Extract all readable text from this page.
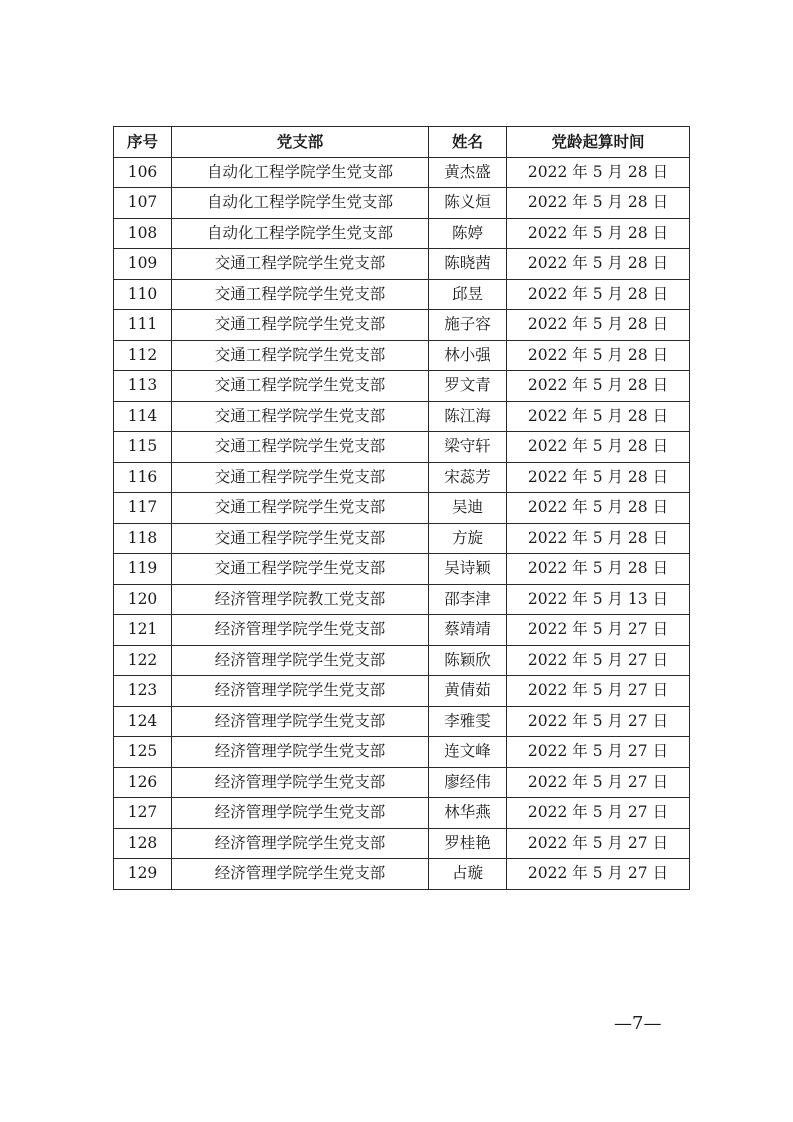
序号	党支部	姓名	党龄起算时间
106	自动化工程学院学生党支部	黄杰盛	2022 年 5 月 28 日
107	自动化工程学院学生党支部	陈义烜	2022 年 5 月 28 日
108	自动化工程学院学生党支部	陈婷	2022 年 5 月 28 日
109	交通工程学院学生党支部	陈晓茜	2022 年 5 月 28 日
110	交通工程学院学生党支部	邱昱	2022 年 5 月 28 日
111	交通工程学院学生党支部	施子容	2022 年 5 月 28 日
112	交通工程学院学生党支部	林小强	2022 年 5 月 28 日
113	交通工程学院学生党支部	罗文青	2022 年 5 月 28 日
114	交通工程学院学生党支部	陈江海	2022 年 5 月 28 日
115	交通工程学院学生党支部	梁守轩	2022 年 5 月 28 日
116	交通工程学院学生党支部	宋蕊芳	2022 年 5 月 28 日
117	交通工程学院学生党支部	吴迪	2022 年 5 月 28 日
118	交通工程学院学生党支部	方旋	2022 年 5 月 28 日
119	交通工程学院学生党支部	吴诗颖	2022 年 5 月 28 日
120	经济管理学院教工党支部	邵李津	2022 年 5 月 13 日
121	经济管理学院学生党支部	蔡靖靖	2022 年 5 月 27 日
122	经济管理学院学生党支部	陈颖欣	2022 年 5 月 27 日
123	经济管理学院学生党支部	黄倩茹	2022 年 5 月 27 日
124	经济管理学院学生党支部	李雅雯	2022 年 5 月 27 日
125	经济管理学院学生党支部	连文峰	2022 年 5 月 27 日
126	经济管理学院学生党支部	廖经伟	2022 年 5 月 27 日
127	经济管理学院学生党支部	林华燕	2022 年 5 月 27 日
128	经济管理学院学生党支部	罗桂艳	2022 年 5 月 27 日
129	经济管理学院学生党支部	占璇	2022 年 5 月 27 日
—7—
